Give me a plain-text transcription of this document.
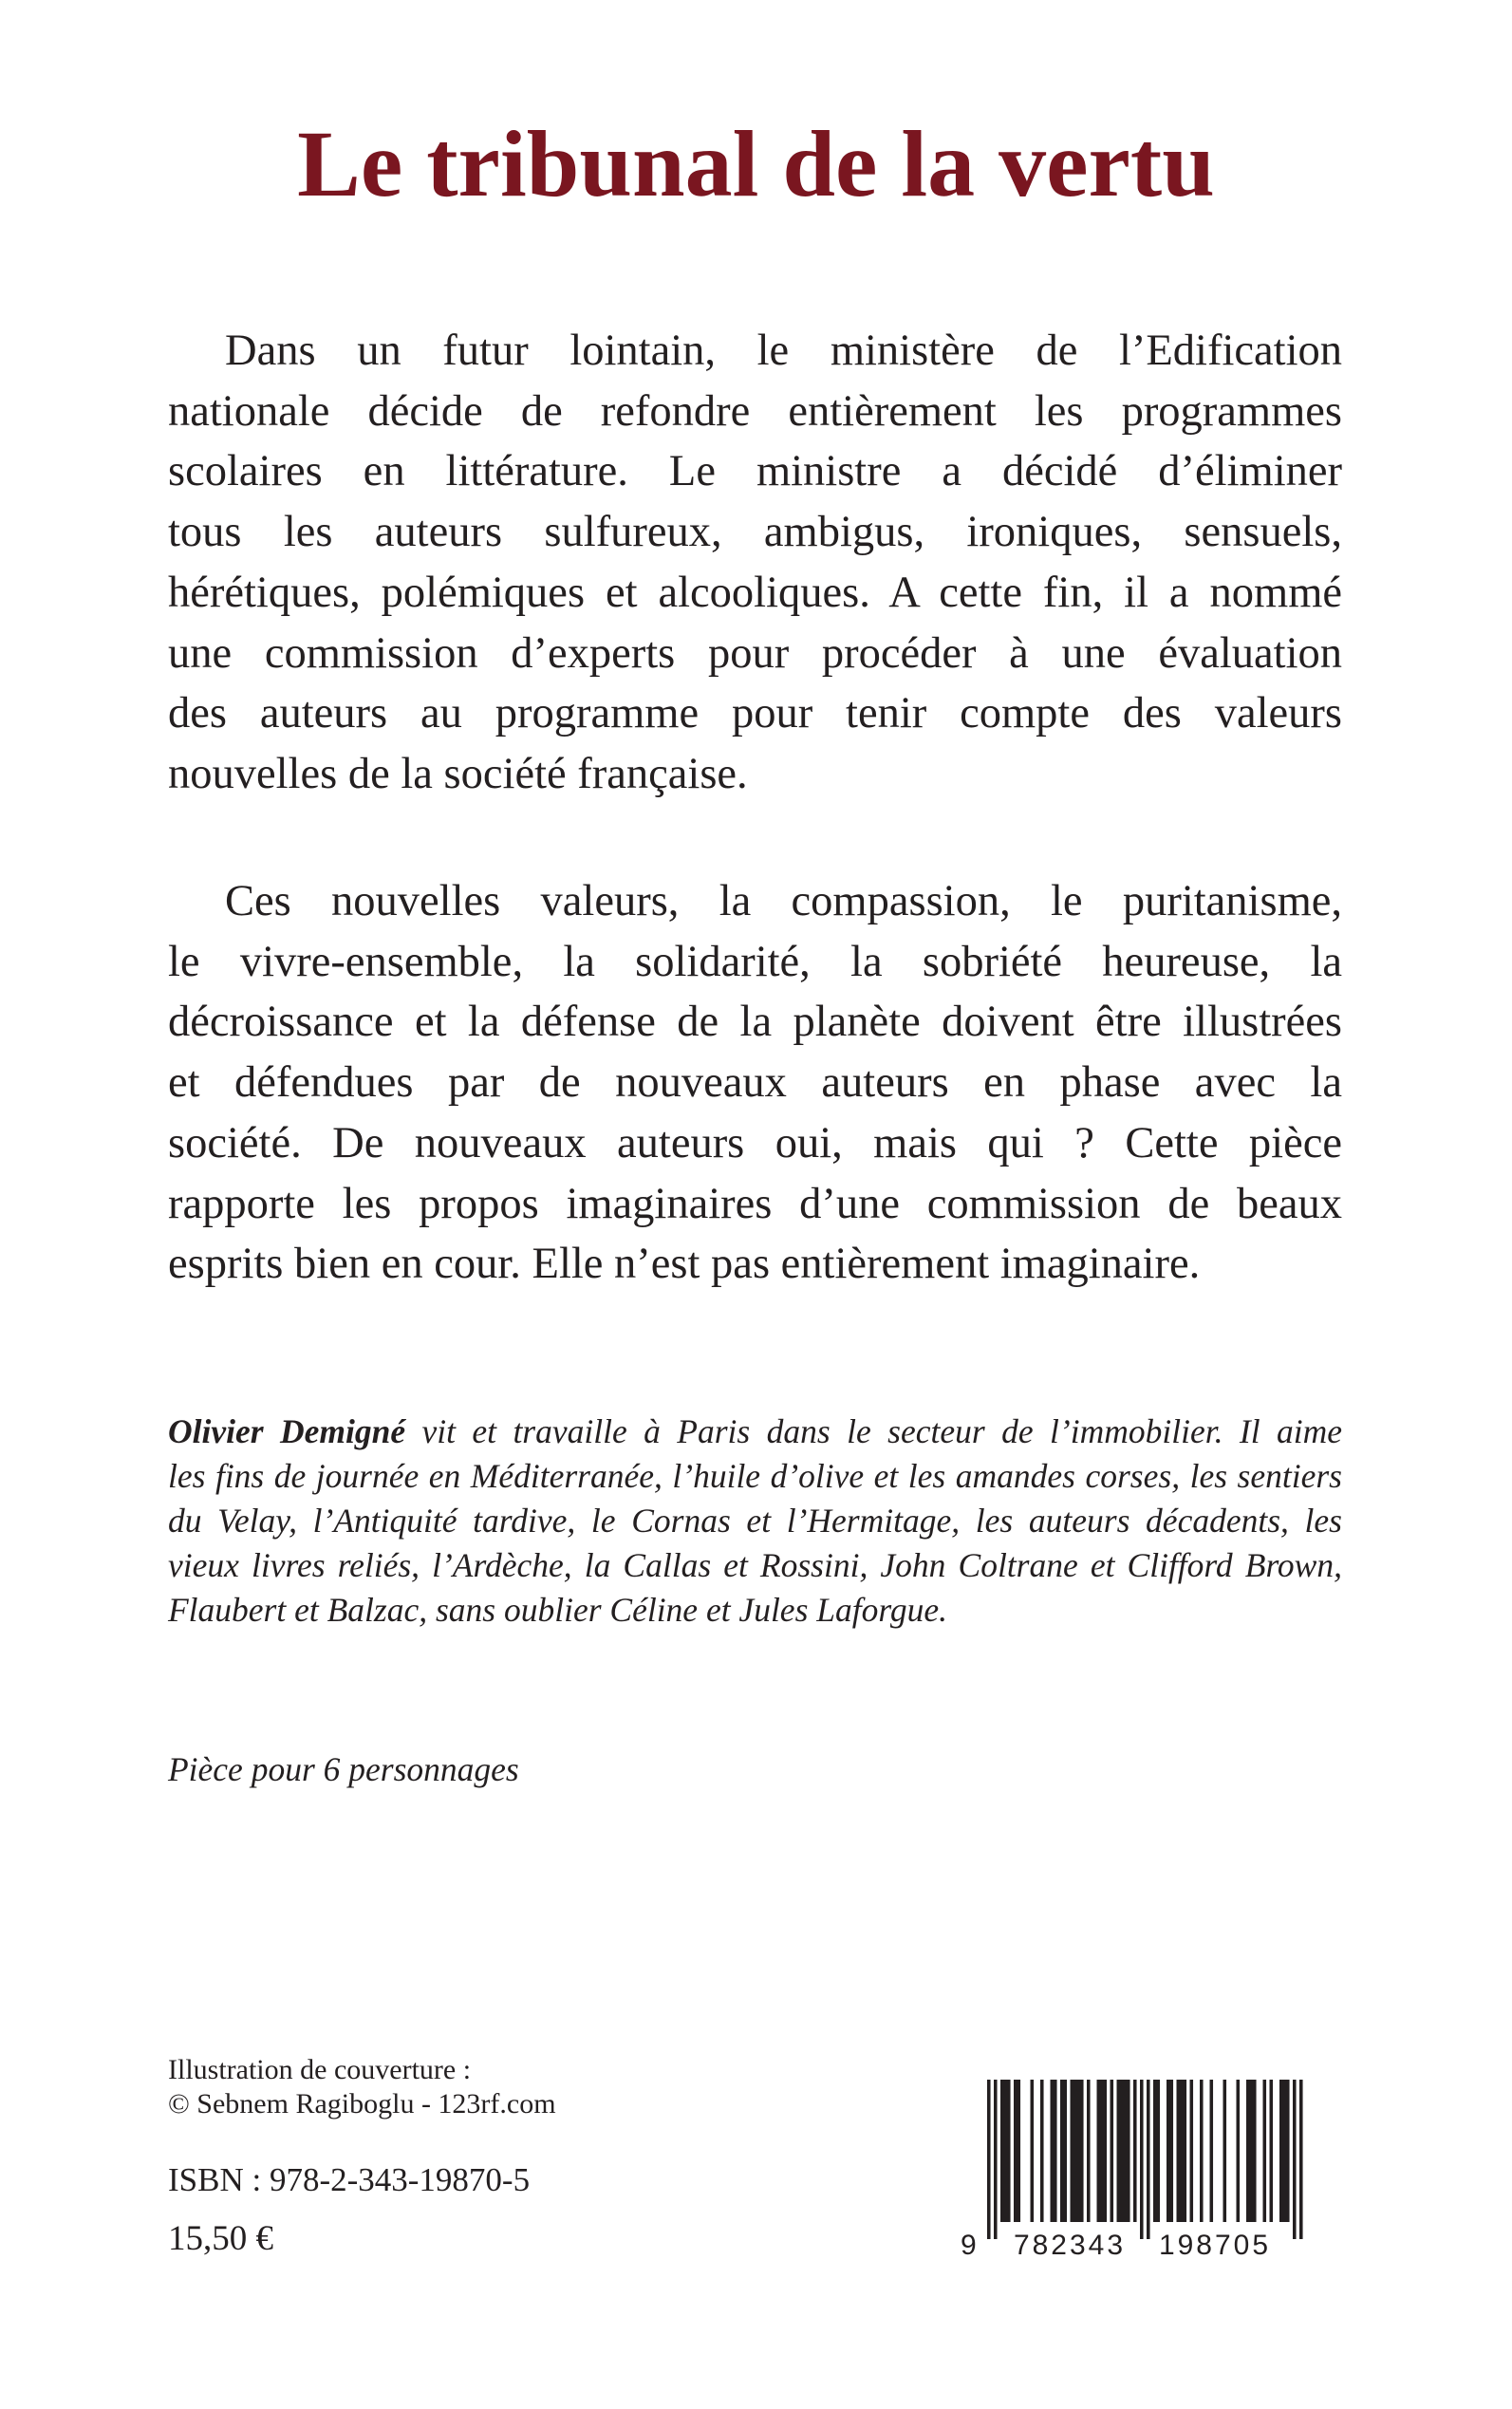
Le tribunal de la vertu
Dans un futur lointain, le ministère de l’Edification
nationale décide de refondre entièrement les programmes
scolaires en littérature. Le ministre a décidé d’éliminer
tous les auteurs sulfureux, ambigus, ironiques, sensuels,
hérétiques, polémiques et alcooliques. A cette fin, il a nommé
une commission d’experts pour procéder à une évaluation
des auteurs au programme pour tenir compte des valeurs
nouvelles de la société française.
Ces nouvelles valeurs, la compassion, le puritanisme,
le vivre-ensemble, la solidarité, la sobriété heureuse, la
décroissance et la défense de la planète doivent être illustrées
et défendues par de nouveaux auteurs en phase avec la
société. De nouveaux auteurs oui, mais qui ? Cette pièce
rapporte les propos imaginaires d’une commission de beaux
esprits bien en cour. Elle n’est pas entièrement imaginaire.
Olivier Demigné vit et travaille à Paris dans le secteur de l’immobilier. Il aime
les fins de journée en Méditerranée, l’huile d’olive et les amandes corses, les sentiers
du Velay, l’Antiquité tardive, le Cornas et l’Hermitage, les auteurs décadents, les
vieux livres reliés, l’Ardèche, la Callas et Rossini, John Coltrane et Clifford Brown,
Flaubert et Balzac, sans oublier Céline et Jules Laforgue.

Pièce pour 6 personnages

Illustration de couverture :
© Sebnem Ragiboglu - 123rf.com

ISBN : 978-2-343-19870-5

15,50 €	9 782343 198705
